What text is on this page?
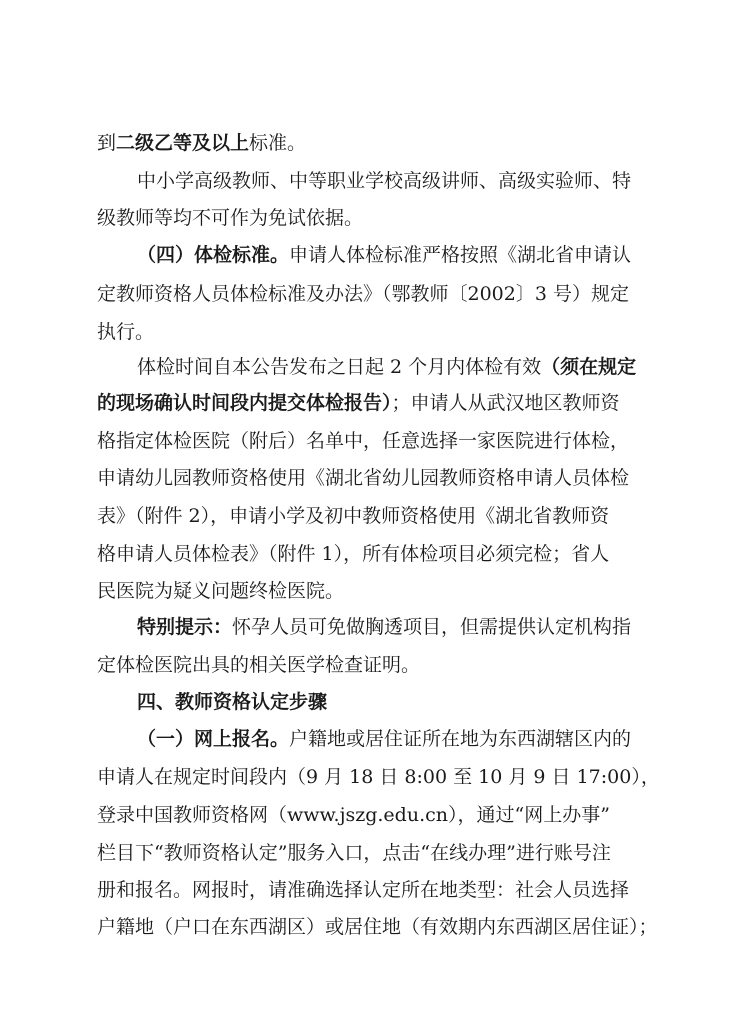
到二级乙等及以上标准。
中小学高级教师、中等职业学校高级讲师、高级实验师、特
级教师等均不可作为免试依据。
（四）体检标准。申请人体检标准严格按照《湖北省申请认
定教师资格人员体检标准及办法》（鄂教师〔2002〕3 号）规定
执行。
体检时间自本公告发布之日起 2 个月内体检有效（须在规定
的现场确认时间段内提交体检报告）；申请人从武汉地区教师资
格指定体检医院（附后）名单中，任意选择一家医院进行体检，
申请幼儿园教师资格使用《湖北省幼儿园教师资格申请人员体检
表》（附件 2），申请小学及初中教师资格使用《湖北省教师资
格申请人员体检表》（附件 1），所有体检项目必须完检；省人
民医院为疑义问题终检医院。
特别提示：怀孕人员可免做胸透项目，但需提供认定机构指
定体检医院出具的相关医学检查证明。
四、教师资格认定步骤
（一）网上报名。户籍地或居住证所在地为东西湖辖区内的
申请人在规定时间段内（9 月 18 日 8:00 至 10 月 9 日 17:00），
登录中国教师资格网（www.jszg.edu.cn），通过“网上办事”
栏目下“教师资格认定”服务入口，点击“在线办理”进行账号注
册和报名。网报时，请准确选择认定所在地类型：社会人员选择
户籍地（户口在东西湖区）或居住地（有效期内东西湖区居住证）；
